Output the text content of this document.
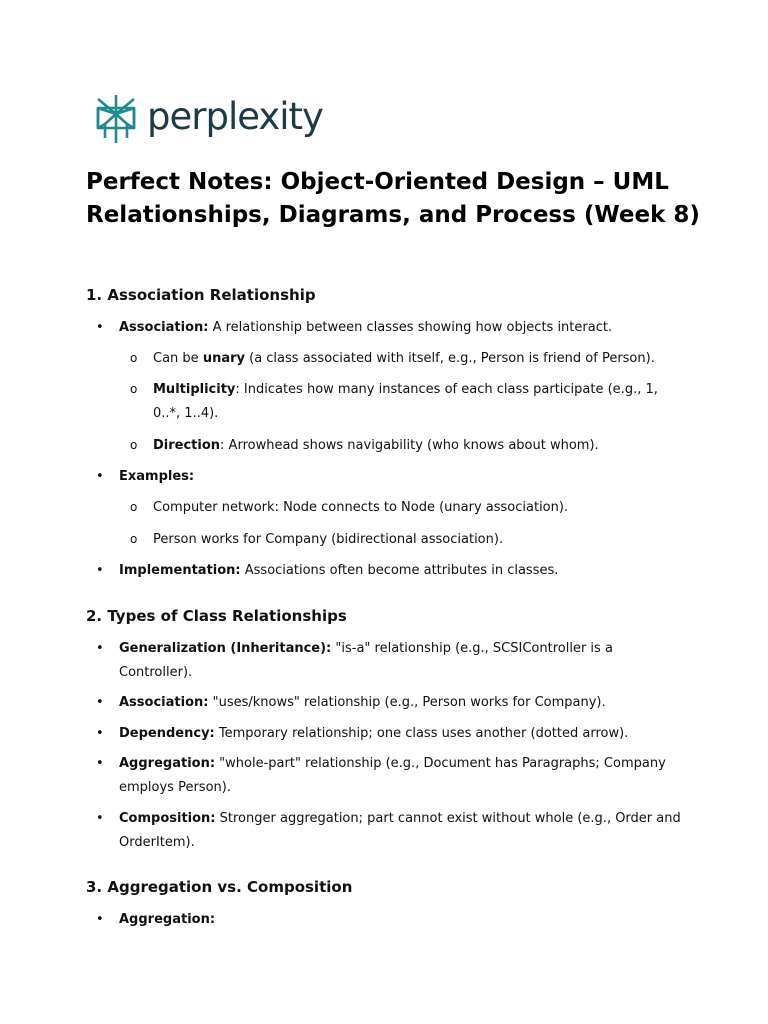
perplexity
Perfect Notes: Object-Oriented Design – UML Relationships, Diagrams, and Process (Week 8)
1. Association Relationship
• Association: A relationship between classes showing how objects interact.
o Can be unary (a class associated with itself, e.g., Person is friend of Person).
o Multiplicity: Indicates how many instances of each class participate (e.g., 1, 0..*, 1..4).
o Direction: Arrowhead shows navigability (who knows about whom).
• Examples:
o Computer network: Node connects to Node (unary association).
o Person works for Company (bidirectional association).
• Implementation: Associations often become attributes in classes.
2. Types of Class Relationships
• Generalization (Inheritance): "is-a" relationship (e.g., SCSIController is a Controller).
• Association: "uses/knows" relationship (e.g., Person works for Company).
• Dependency: Temporary relationship; one class uses another (dotted arrow).
• Aggregation: "whole-part" relationship (e.g., Document has Paragraphs; Company employs Person).
• Composition: Stronger aggregation; part cannot exist without whole (e.g., Order and OrderItem).
3. Aggregation vs. Composition
• Aggregation:
